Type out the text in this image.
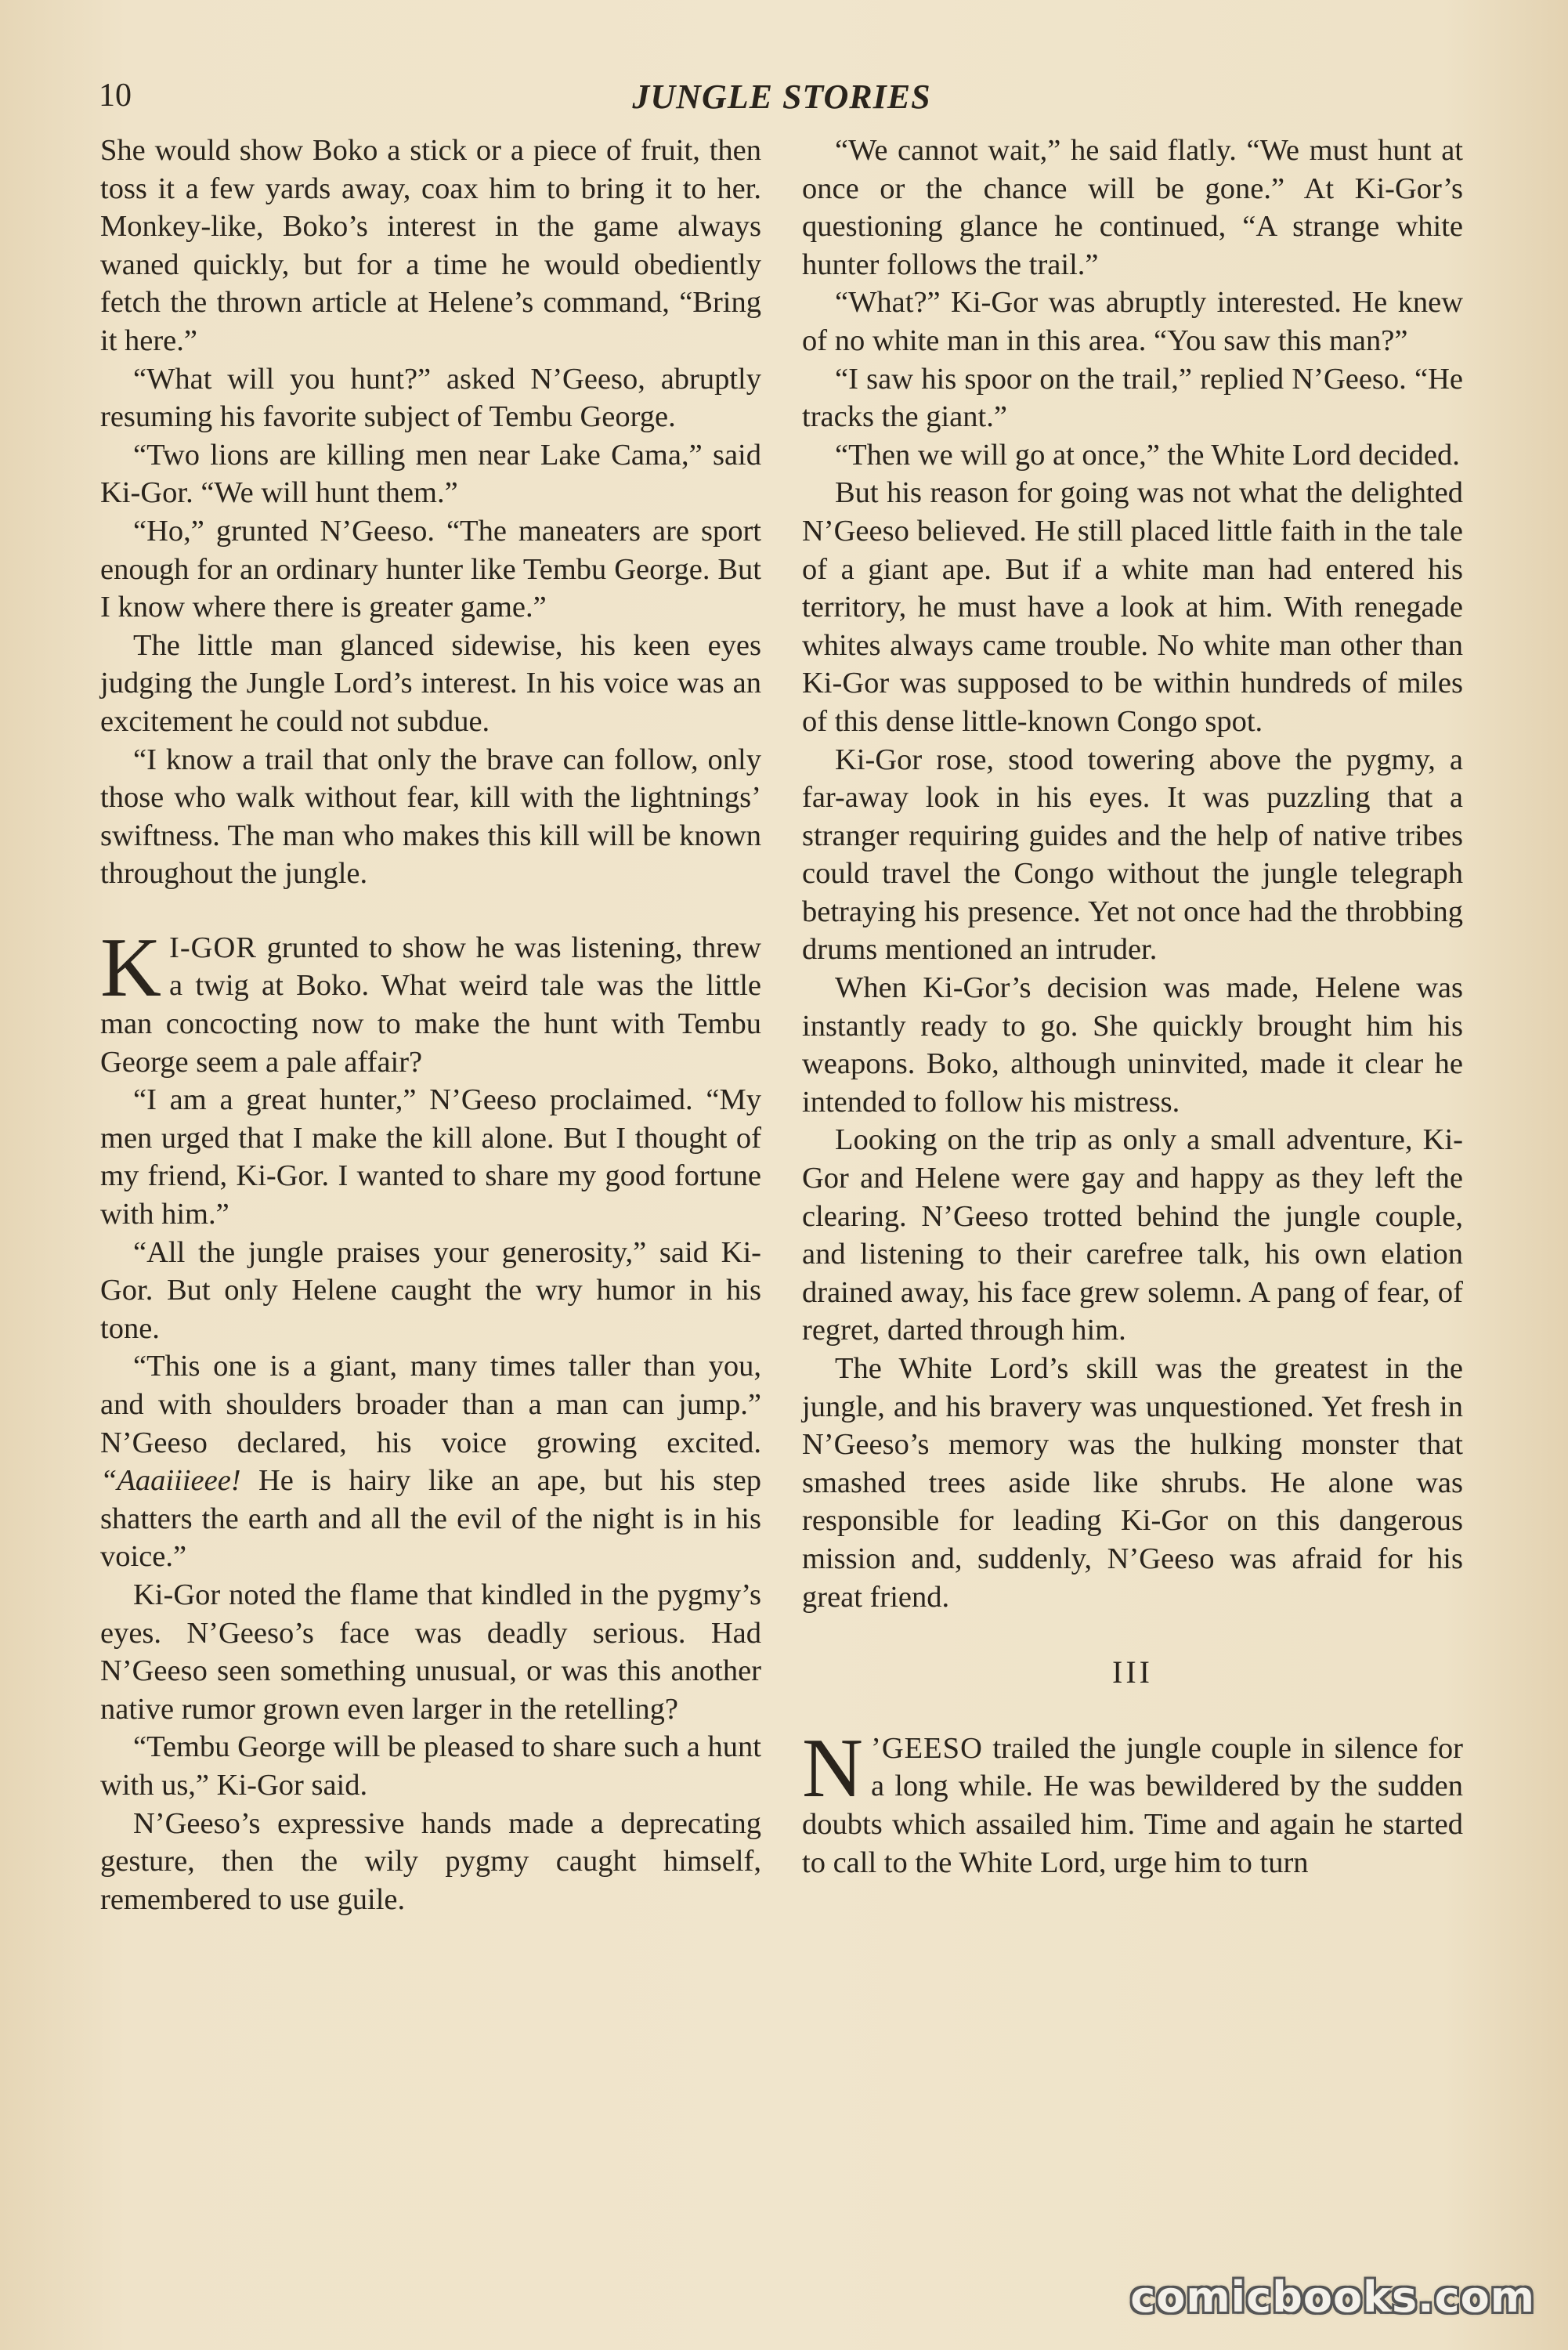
10	JUNGLE STORIES

She would show Boko a stick or a piece of fruit, then toss it a few yards away, coax him to bring it to her. Monkey-like, Boko’s interest in the game always waned quickly, but for a time he would obediently fetch the thrown article at Helene’s command, “Bring it here.”

“What will you hunt?” asked N’Geeso, abruptly resuming his favorite subject of Tembu George.

“Two lions are killing men near Lake Cama,” said Ki-Gor. “We will hunt them.”

“Ho,” grunted N’Geeso. “The maneaters are sport enough for an ordinary hunter like Tembu George. But I know where there is greater game.”

The little man glanced sidewise, his keen eyes judging the Jungle Lord’s interest. In his voice was an excitement he could not subdue.

“I know a trail that only the brave can follow, only those who walk without fear, kill with the lightnings’ swiftness. The man who makes this kill will be known throughout the jungle.

K I-GOR grunted to show he was listening, threw a twig at Boko. What weird tale was the little man concocting now to make the hunt with Tembu George seem a pale affair?

“I am a great hunter,” N’Geeso proclaimed. “My men urged that I make the kill alone. But I thought of my friend, Ki-Gor. I wanted to share my good fortune with him.”

“All the jungle praises your generosity,” said Ki-Gor. But only Helene caught the wry humor in his tone.

“This one is a giant, many times taller than you, and with shoulders broader than a man can jump.” N’Geeso declared, his voice growing excited. “Aaaiiieee! He is hairy like an ape, but his step shatters the earth and all the evil of the night is in his voice.”

Ki-Gor noted the flame that kindled in the pygmy’s eyes. N’Geeso’s face was deadly serious. Had N’Geeso seen something unusual, or was this another native rumor grown even larger in the retelling?

“Tembu George will be pleased to share such a hunt with us,” Ki-Gor said.

N’Geeso’s expressive hands made a deprecating gesture, then the wily pygmy caught himself, remembered to use guile.

“We cannot wait,” he said flatly. “We must hunt at once or the chance will be gone.” At Ki-Gor’s questioning glance he continued, “A strange white hunter follows the trail.”

“What?” Ki-Gor was abruptly interested. He knew of no white man in this area. “You saw this man?”

“I saw his spoor on the trail,” replied N’Geeso. “He tracks the giant.”

“Then we will go at once,” the White Lord decided.

But his reason for going was not what the delighted N’Geeso believed. He still placed little faith in the tale of a giant ape. But if a white man had entered his territory, he must have a look at him. With renegade whites always came trouble. No white man other than Ki-Gor was supposed to be within hundreds of miles of this dense little-known Congo spot.

Ki-Gor rose, stood towering above the pygmy, a far-away look in his eyes. It was puzzling that a stranger requiring guides and the help of native tribes could travel the Congo without the jungle telegraph betraying his presence. Yet not once had the throbbing drums mentioned an intruder.

When Ki-Gor’s decision was made, Helene was instantly ready to go. She quickly brought him his weapons. Boko, although uninvited, made it clear he intended to follow his mistress.

Looking on the trip as only a small adventure, Ki-Gor and Helene were gay and happy as they left the clearing. N’Geeso trotted behind the jungle couple, and listening to their carefree talk, his own elation drained away, his face grew solemn. A pang of fear, of regret, darted through him.

The White Lord’s skill was the greatest in the jungle, and his bravery was unquestioned. Yet fresh in N’Geeso’s memory was the hulking monster that smashed trees aside like shrubs. He alone was responsible for leading Ki-Gor on this dangerous mission and, suddenly, N’Geeso was afraid for his great friend.

III

N ’GEESO trailed the jungle couple in silence for a long while. He was bewildered by the sudden doubts which assailed him. Time and again he started to call to the White Lord, urge him to turn

comicbooks.com
